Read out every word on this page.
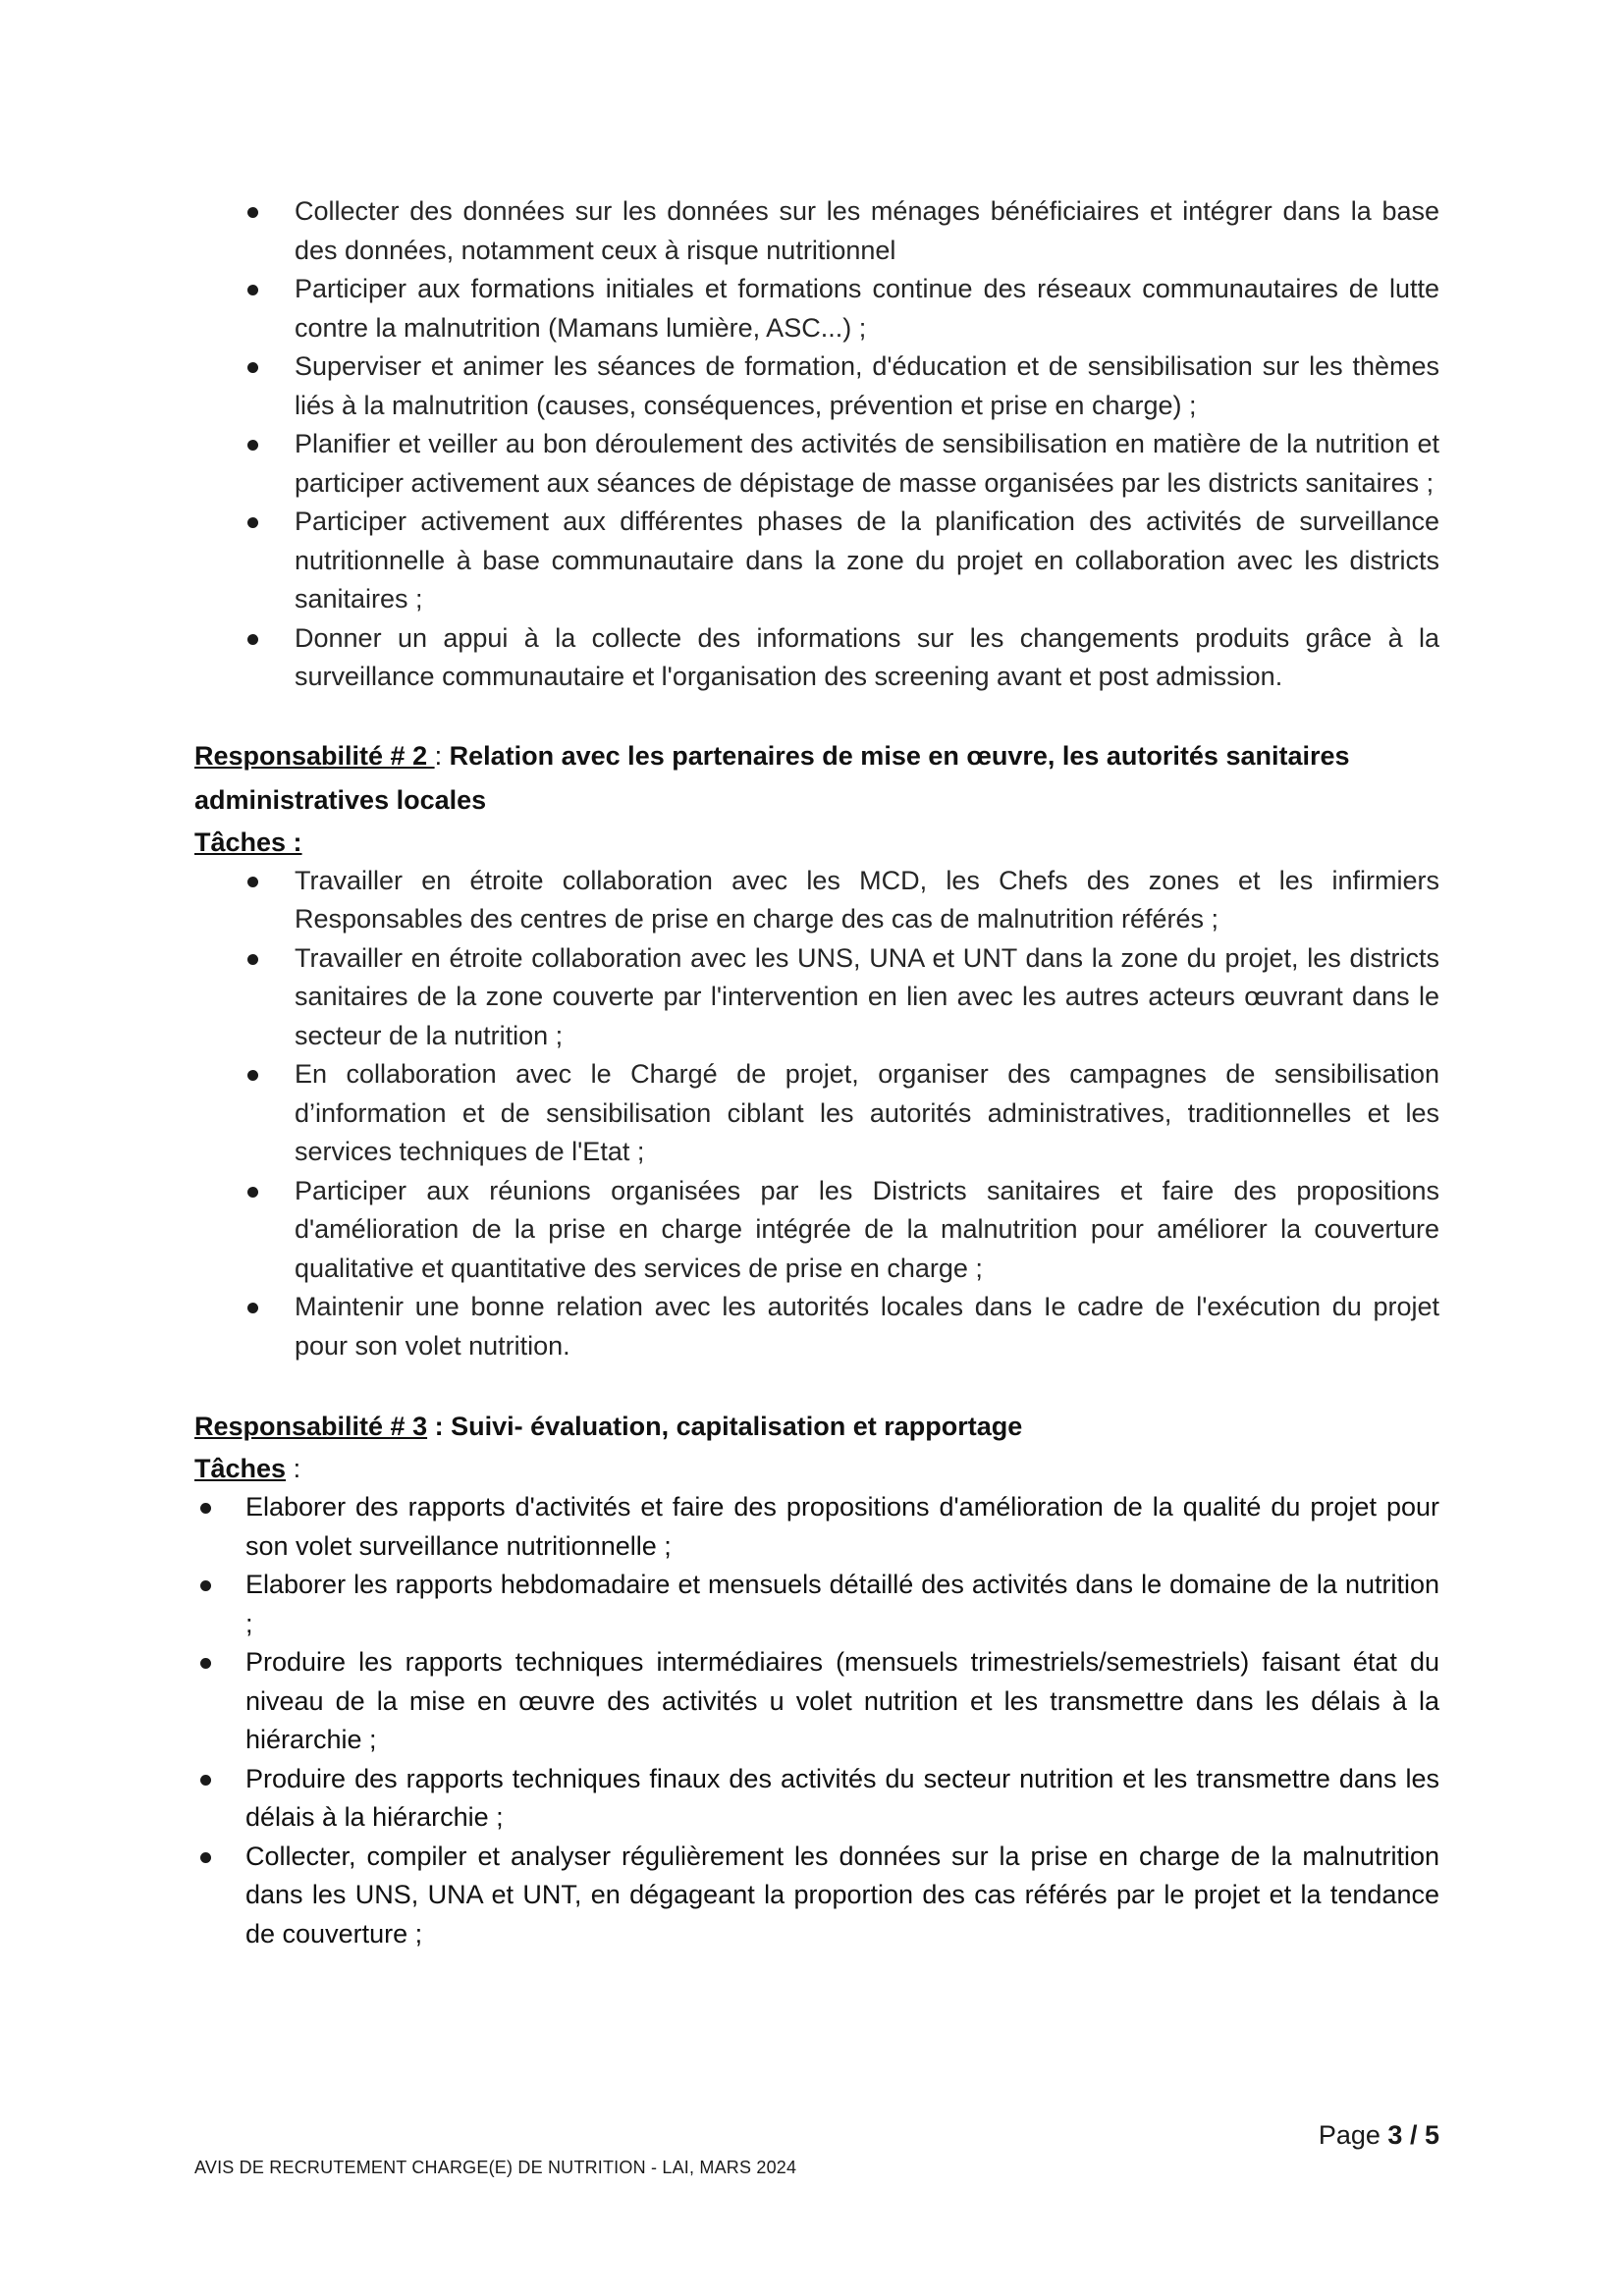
Collecter des données sur les données sur les ménages bénéficiaires et intégrer dans la base des données, notamment ceux à risque nutritionnel
Participer aux formations initiales et formations continue des réseaux communautaires de lutte contre la malnutrition (Mamans lumière, ASC...) ;
Superviser et animer les séances de formation, d'éducation et de sensibilisation sur les thèmes liés à la malnutrition (causes, conséquences, prévention et prise en charge) ;
Planifier et veiller au bon déroulement des activités de sensibilisation en matière de la nutrition et participer activement aux séances de dépistage de masse organisées par les districts sanitaires ;
Participer activement aux différentes phases de la planification des activités de surveillance nutritionnelle à base communautaire dans la zone du projet en collaboration avec les districts sanitaires ;
Donner un appui à la collecte des informations sur les changements produits grâce à la surveillance communautaire et l'organisation des screening avant et post admission.
Responsabilité # 2 : Relation avec les partenaires de mise en œuvre, les autorités sanitaires administratives locales
Tâches :
Travailler en étroite collaboration avec les MCD, les Chefs des zones et les infirmiers Responsables des centres de prise en charge des cas de malnutrition référés ;
Travailler en étroite collaboration avec les UNS, UNA et UNT dans la zone du projet, les districts sanitaires de la zone couverte par l'intervention en lien avec les autres acteurs œuvrant dans le secteur de la nutrition ;
En collaboration avec le Chargé de projet, organiser des campagnes de sensibilisation d’information et de sensibilisation ciblant les autorités administratives, traditionnelles et les services techniques de l'Etat ;
Participer aux réunions organisées par les Districts sanitaires et faire des propositions d'amélioration de la prise en charge intégrée de la malnutrition pour améliorer la couverture qualitative et quantitative des services de prise en charge ;
Maintenir une bonne relation avec les autorités locales dans Ie cadre de l'exécution du projet pour son volet nutrition.
Responsabilité # 3 : Suivi- évaluation, capitalisation et rapportage
Tâches :
Elaborer des rapports d'activités et faire des propositions d'amélioration de la qualité du projet pour son volet surveillance nutritionnelle ;
Elaborer les rapports hebdomadaire et mensuels détaillé des activités dans le domaine de la nutrition ;
Produire les rapports techniques intermédiaires (mensuels trimestriels/semestriels) faisant état du niveau de la mise en œuvre des activités u volet nutrition et les transmettre dans les délais à la hiérarchie ;
Produire des rapports techniques finaux des activités du secteur nutrition et les transmettre dans les délais à la hiérarchie ;
Collecter, compiler et analyser régulièrement les données sur la prise en charge de la malnutrition dans les UNS, UNA et UNT, en dégageant la proportion des cas référés par le projet et la tendance de couverture ;
Page 3 / 5
AVIS DE RECRUTEMENT CHARGE(E) DE NUTRITION - LAI, MARS 2024
